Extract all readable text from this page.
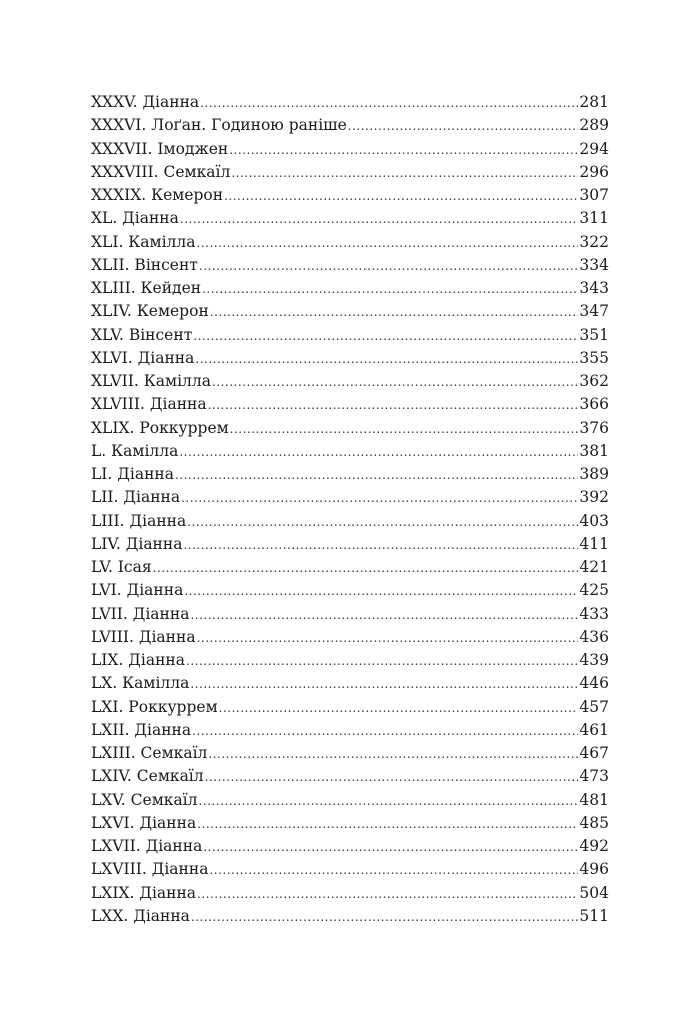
XXXV. Діанна .....	281
XXXVI. Лоґан. Годиною раніше .....	289
XXXVII. Імоджен .....	294
XXXVIII. Семкаїл .....	296
XXXIX. Кемерон .....	307
XL. Діанна .....	311
XLI. Камілла .....	322
XLII. Вінсент .....	334
XLIII. Кейден .....	343
XLIV. Кемерон .....	347
XLV. Вінсент .....	351
XLVI. Діанна .....	355
XLVII. Камілла .....	362
XLVIII. Діанна .....	366
XLIX. Роккуррем .....	376
L. Камілла .....	381
LI. Діанна .....	389
LII. Діанна .....	392
LIII. Діанна .....	403
LIV. Діанна .....	411
LV. Ісая .....	421
LVI. Діанна .....	425
LVII. Діанна .....	433
LVIII. Діанна .....	436
LIX. Діанна .....	439
LX. Камілла .....	446
LXI. Роккуррем .....	457
LXII. Діанна .....	461
LXIII. Семкаїл .....	467
LXIV. Семкаїл .....	473
LXV. Семкаїл .....	481
LXVI. Діанна .....	485
LXVII. Діанна .....	492
LXVIII. Діанна .....	496
LXIX. Діанна .....	504
LXX. Діанна .....	511
